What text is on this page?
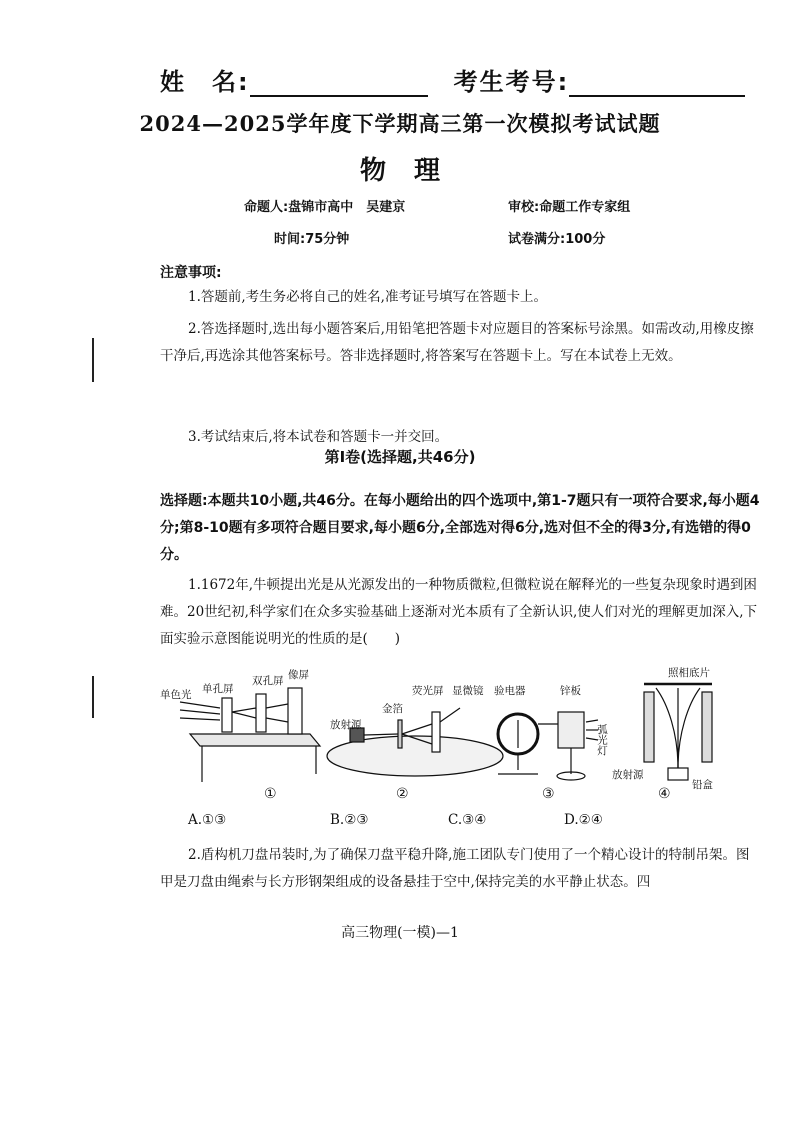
姓　名:	考生考号:
2024—2025学年度下学期高三第一次模拟考试试题
物理
命题人:盘锦市高中　吴建京	审校:命题工作专家组
时间:75分钟	试卷满分:100分
注意事项:
1.答题前,考生务必将自己的姓名,准考证号填写在答题卡上。
2.答选择题时,选出每小题答案后,用铅笔把答题卡对应题目的答案标号涂黑。如需改动,用橡皮擦干净后,再选涂其他答案标号。答非选择题时,将答案写在答题卡上。写在本试卷上无效。
3.考试结束后,将本试卷和答题卡一并交回。
第I卷(选择题,共46分)
选择题:本题共10小题,共46分。在每小题给出的四个选项中,第1-7题只有一项符合要求,每小题4分;第8-10题有多项符合题目要求,每小题6分,全部选对得6分,选对但不全的得3分,有选错的得0分。
1.1672年,牛顿提出光是从光源发出的一种物质微粒,但微粒说在解释光的一些复杂现象时遇到困难。20世纪初,科学家们在众多实验基础上逐渐对光本质有了全新认识,使人们对光的理解更加深入,下面实验示意图能说明光的性质的是(　　)
单色光 单孔屏
双孔屏 像屏
①
放射源
金箔
荧光屏 显微镜
②
验电器	锌板
弧光灯
③
照相底片
放射源
铅盒
④
A.①③	B.②③	C.③④	D.②④
2.盾构机刀盘吊装时,为了确保刀盘平稳升降,施工团队专门使用了一个精心设计的特制吊架。图甲是刀盘由绳索与长方形钢架组成的设备悬挂于空中,保持完美的水平静止状态。四
高三物理(一模)—1
